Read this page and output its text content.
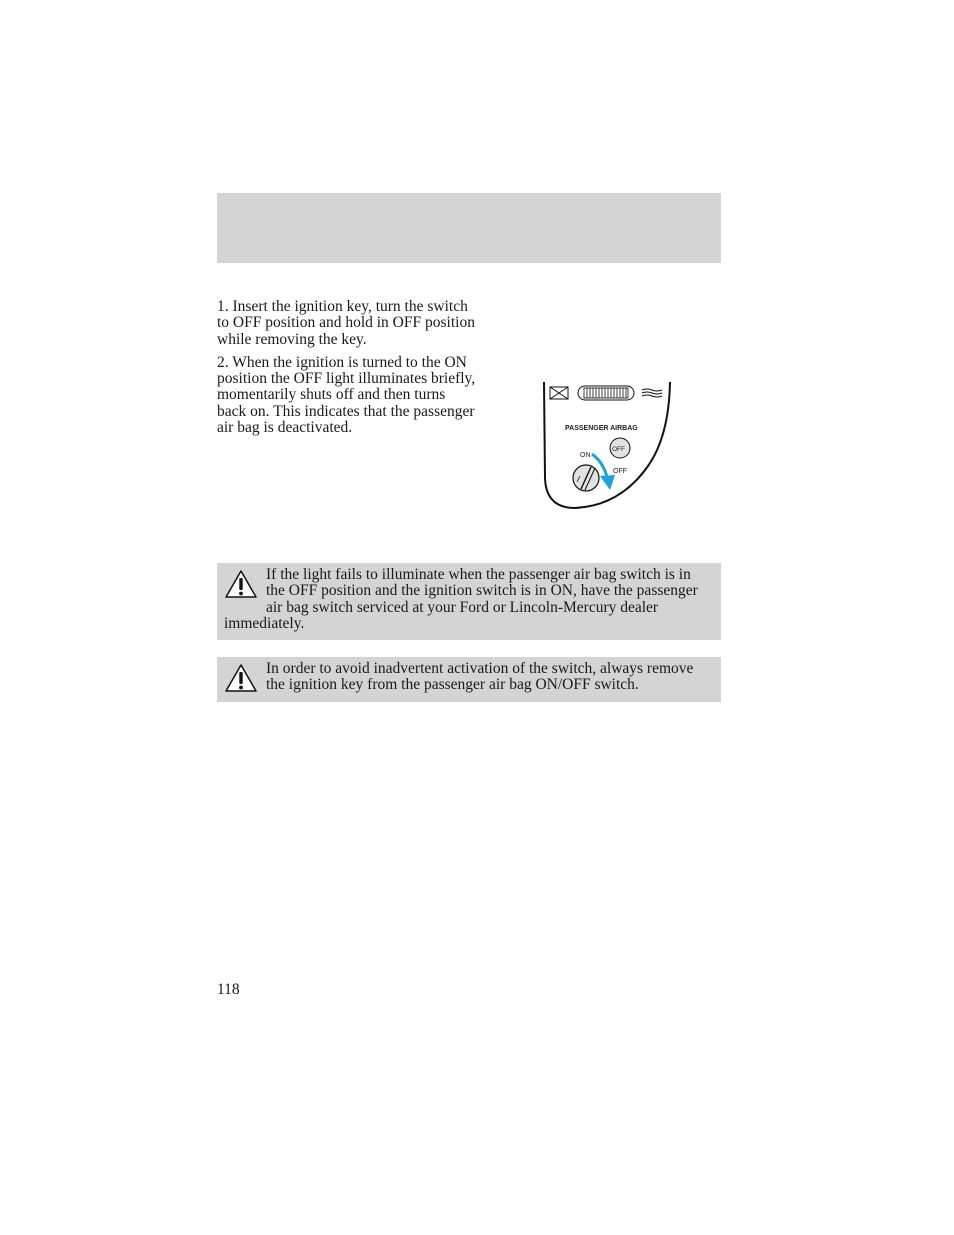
1. Insert the ignition key, turn the switch to OFF position and hold in OFF position while removing the key.

2. When the ignition is turned to the ON position the OFF light illuminates briefly, momentarily shuts off and then turns back on. This indicates that the passenger air bag is deactivated.	PASSENGER AIRBAG
OFF
ON
OFF
If the light fails to illuminate when the passenger air bag switch is in the OFF position and the ignition switch is in ON, have the passenger air bag switch serviced at your Ford or Lincoln-Mercury dealer immediately.
In order to avoid inadvertent activation of the switch, always remove the ignition key from the passenger air bag ON/OFF switch.
118
